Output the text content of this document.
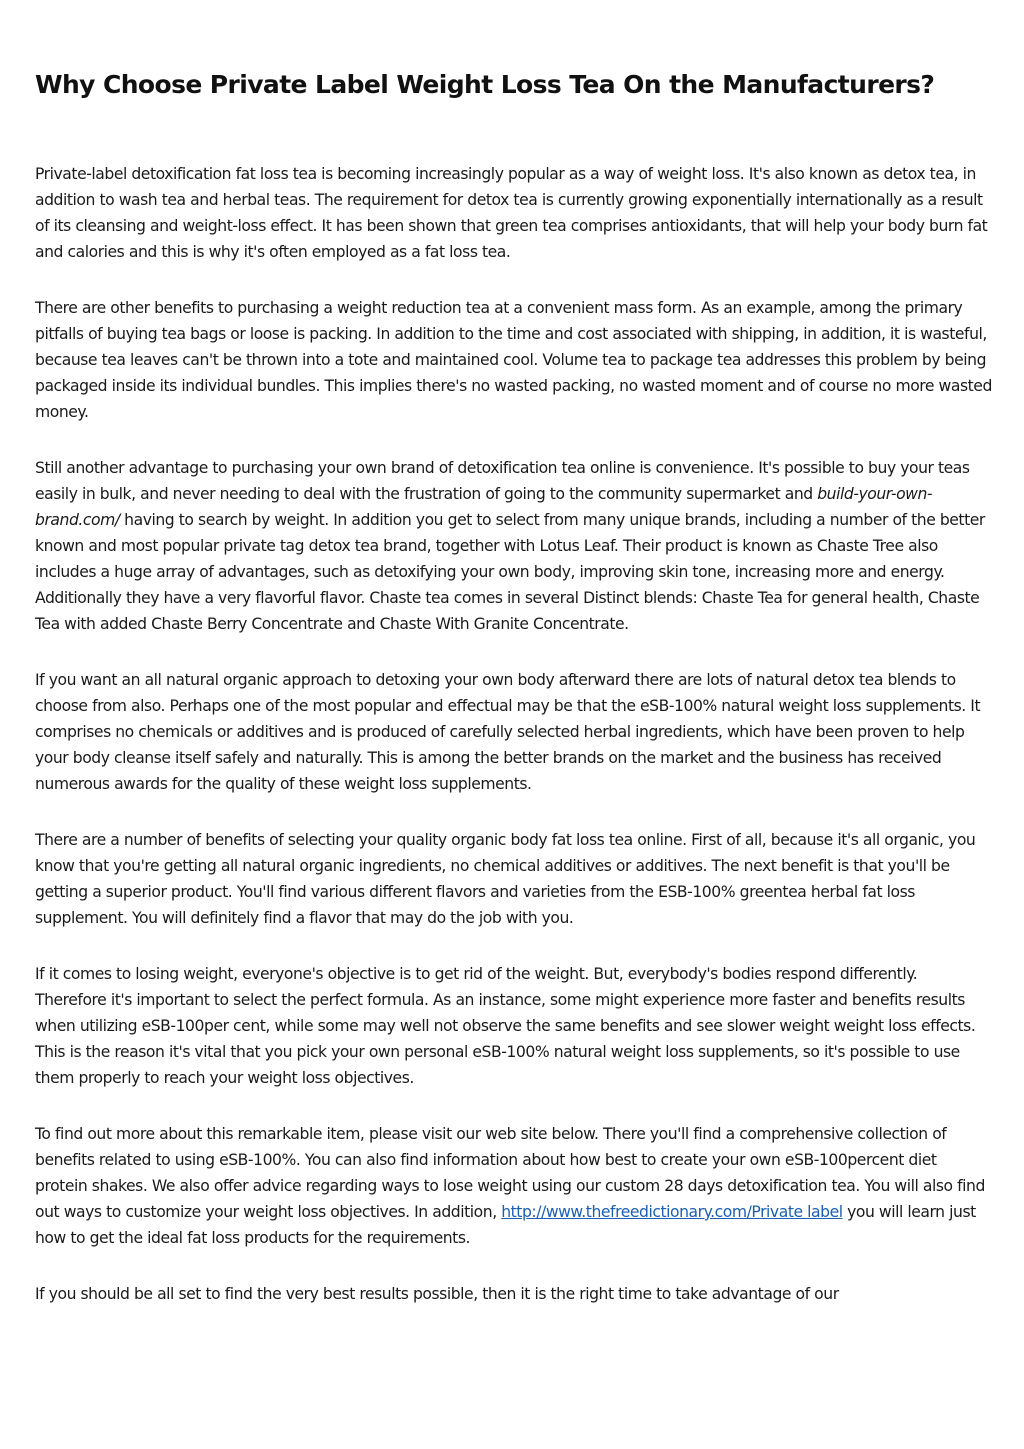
Why Choose Private Label Weight Loss Tea On the Manufacturers?

Private-label detoxification fat loss tea is becoming increasingly popular as a way of weight loss. It's also known as detox tea, in addition to wash tea and herbal teas. The requirement for detox tea is currently growing exponentially internationally as a result of its cleansing and weight-loss effect. It has been shown that green tea comprises antioxidants, that will help your body burn fat and calories and this is why it's often employed as a fat loss tea.

There are other benefits to purchasing a weight reduction tea at a convenient mass form. As an example, among the primary pitfalls of buying tea bags or loose is packing. In addition to the time and cost associated with shipping, in addition, it is wasteful, because tea leaves can't be thrown into a tote and maintained cool. Volume tea to package tea addresses this problem by being packaged inside its individual bundles. This implies there's no wasted packing, no wasted moment and of course no more wasted money.

Still another advantage to purchasing your own brand of detoxification tea online is convenience. It's possible to buy your teas easily in bulk, and never needing to deal with the frustration of going to the community supermarket and build-your-own-brand.com/ having to search by weight. In addition you get to select from many unique brands, including a number of the better known and most popular private tag detox tea brand, together with Lotus Leaf. Their product is known as Chaste Tree also includes a huge array of advantages, such as detoxifying your own body, improving skin tone, increasing more and energy. Additionally they have a very flavorful flavor. Chaste tea comes in several Distinct blends: Chaste Tea for general health, Chaste Tea with added Chaste Berry Concentrate and Chaste With Granite Concentrate.

If you want an all natural organic approach to detoxing your own body afterward there are lots of natural detox tea blends to choose from also. Perhaps one of the most popular and effectual may be that the eSB-100% natural weight loss supplements. It comprises no chemicals or additives and is produced of carefully selected herbal ingredients, which have been proven to help your body cleanse itself safely and naturally. This is among the better brands on the market and the business has received numerous awards for the quality of these weight loss supplements.

There are a number of benefits of selecting your quality organic body fat loss tea online. First of all, because it's all organic, you know that you're getting all natural organic ingredients, no chemical additives or additives. The next benefit is that you'll be getting a superior product. You'll find various different flavors and varieties from the ESB-100% greentea herbal fat loss supplement. You will definitely find a flavor that may do the job with you.

If it comes to losing weight, everyone's objective is to get rid of the weight. But, everybody's bodies respond differently. Therefore it's important to select the perfect formula. As an instance, some might experience more faster and benefits results when utilizing eSB-100per cent, while some may well not observe the same benefits and see slower weight weight loss effects. This is the reason it's vital that you pick your own personal eSB-100% natural weight loss supplements, so it's possible to use them properly to reach your weight loss objectives.

To find out more about this remarkable item, please visit our web site below. There you'll find a comprehensive collection of benefits related to using eSB-100%. You can also find information about how best to create your own eSB-100percent diet protein shakes. We also offer advice regarding ways to lose weight using our custom 28 days detoxification tea. You will also find out ways to customize your weight loss objectives. In addition, http://www.thefreedictionary.com/Private label you will learn just how to get the ideal fat loss products for the requirements.

If you should be all set to find the very best results possible, then it is the right time to take advantage of our
